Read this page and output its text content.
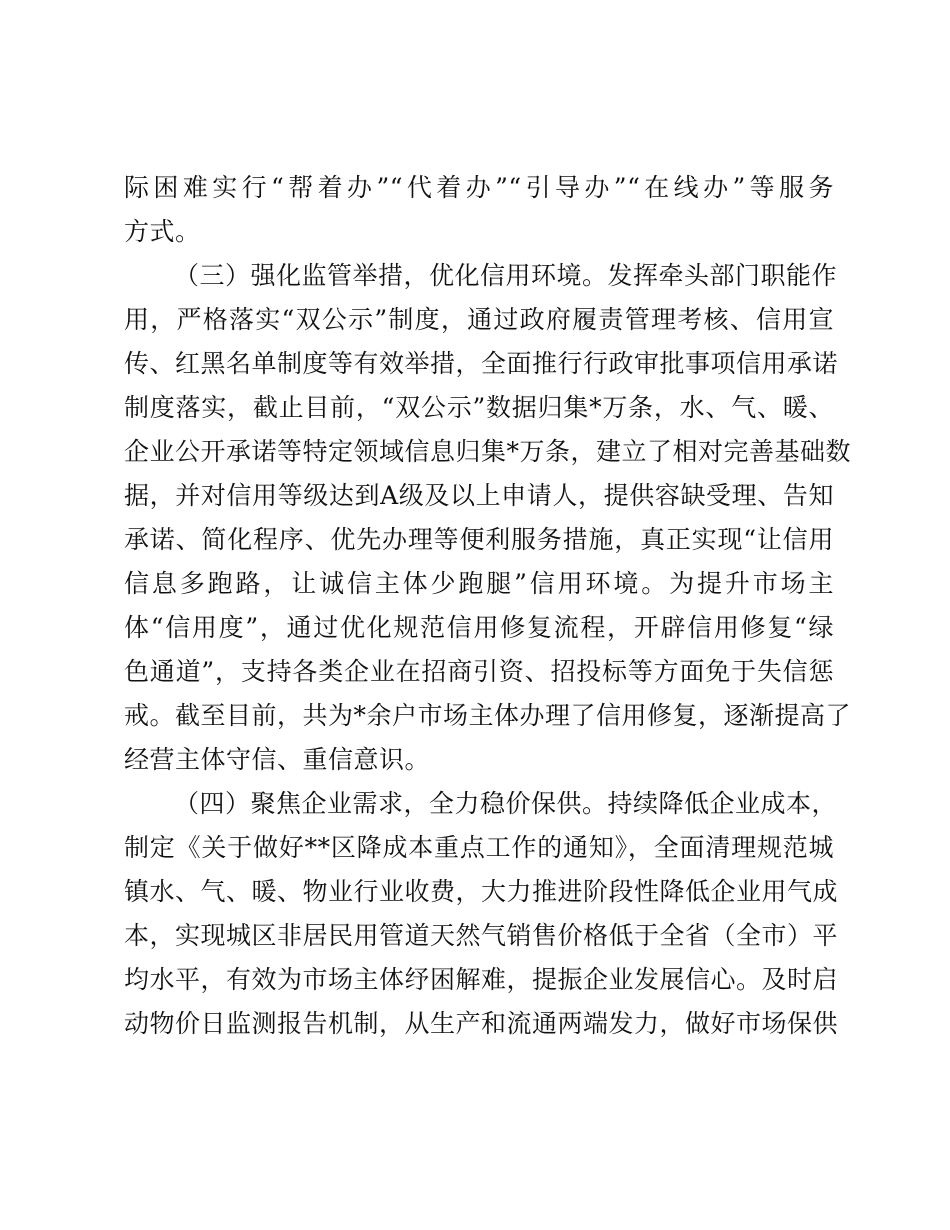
际困难实行“帮着办”“代着办”“引导办”“在线办”等服务
方式。
（三）强化监管举措，优化信用环境。发挥牵头部门职能作
用，严格落实“双公示”制度，通过政府履责管理考核、信用宣
传、红黑名单制度等有效举措，全面推行行政审批事项信用承诺
制度落实，截止目前，“双公示”数据归集*万条，水、气、暖、
企业公开承诺等特定领域信息归集*万条，建立了相对完善基础数
据，并对信用等级达到A级及以上申请人，提供容缺受理、告知
承诺、简化程序、优先办理等便利服务措施，真正实现“让信用
信息多跑路，让诚信主体少跑腿”信用环境。为提升市场主
体“信用度”，通过优化规范信用修复流程，开辟信用修复“绿
色通道”，支持各类企业在招商引资、招投标等方面免于失信惩
戒。截至目前，共为*余户市场主体办理了信用修复，逐渐提高了
经营主体守信、重信意识。
（四）聚焦企业需求，全力稳价保供。持续降低企业成本，
制定《关于做好**区降成本重点工作的通知》，全面清理规范城
镇水、气、暖、物业行业收费，大力推进阶段性降低企业用气成
本，实现城区非居民用管道天然气销售价格低于全省（全市）平
均水平，有效为市场主体纾困解难，提振企业发展信心。及时启
动物价日监测报告机制，从生产和流通两端发力，做好市场保供
